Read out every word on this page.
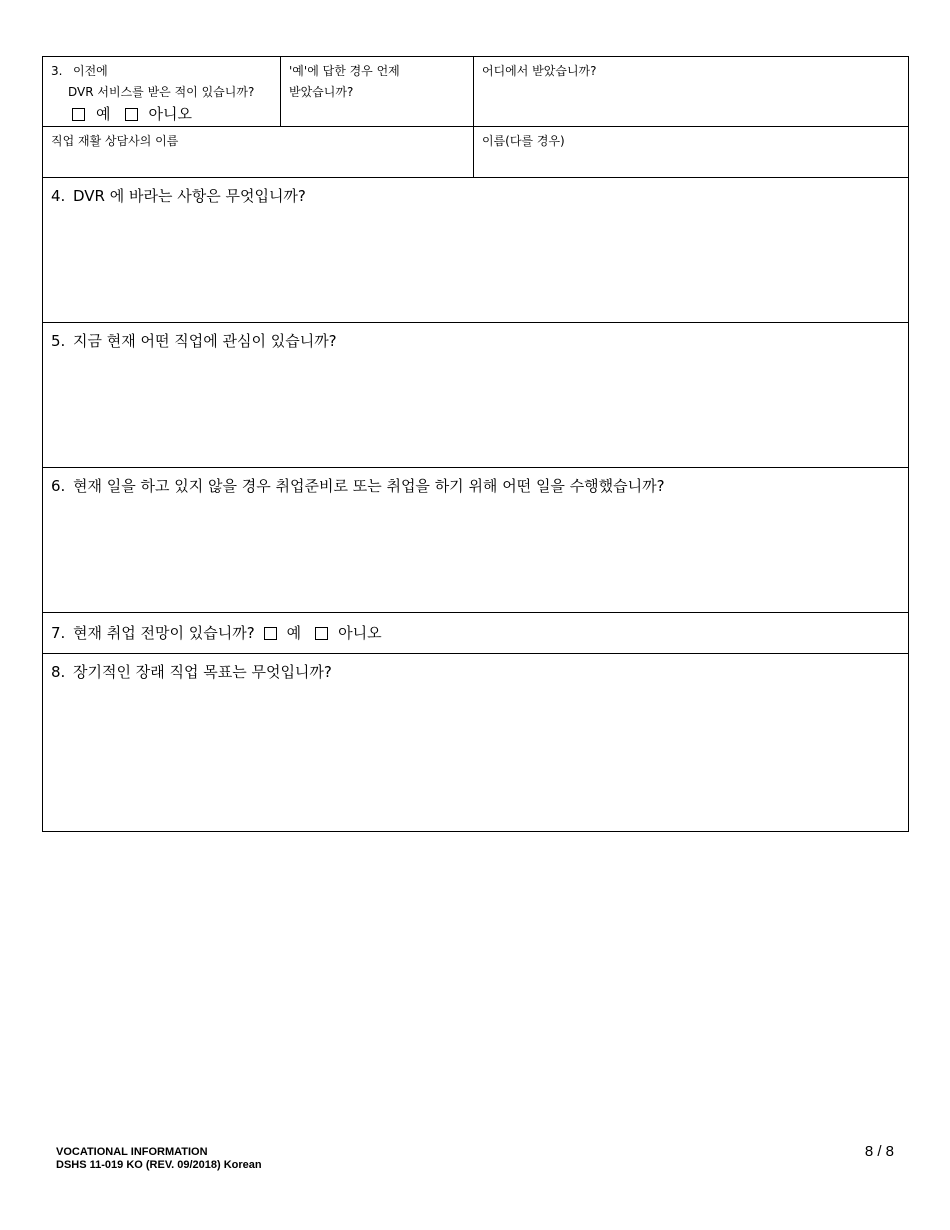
3. 이전에
DVR 서비스를 받은 적이 있습니까?
예	아니오
'예'에 답한 경우 언제
받았습니까?
어디에서 받았습니까?
직업 재활 상담사의 이름	이름(다를 경우)
4. DVR 에 바라는 사항은 무엇입니까?
5. 지금 현재 어떤 직업에 관심이 있습니까?
6. 현재 일을 하고 있지 않을 경우 취업준비로 또는 취업을 하기 위해 어떤 일을 수행했습니까?
7. 현재 취업 전망이 있습니까? 예 아니오
8. 장기적인 장래 직업 목표는 무엇입니까?
VOCATIONAL INFORMATION
DSHS 11-019 KO (REV. 09/2018) Korean
8 / 8
